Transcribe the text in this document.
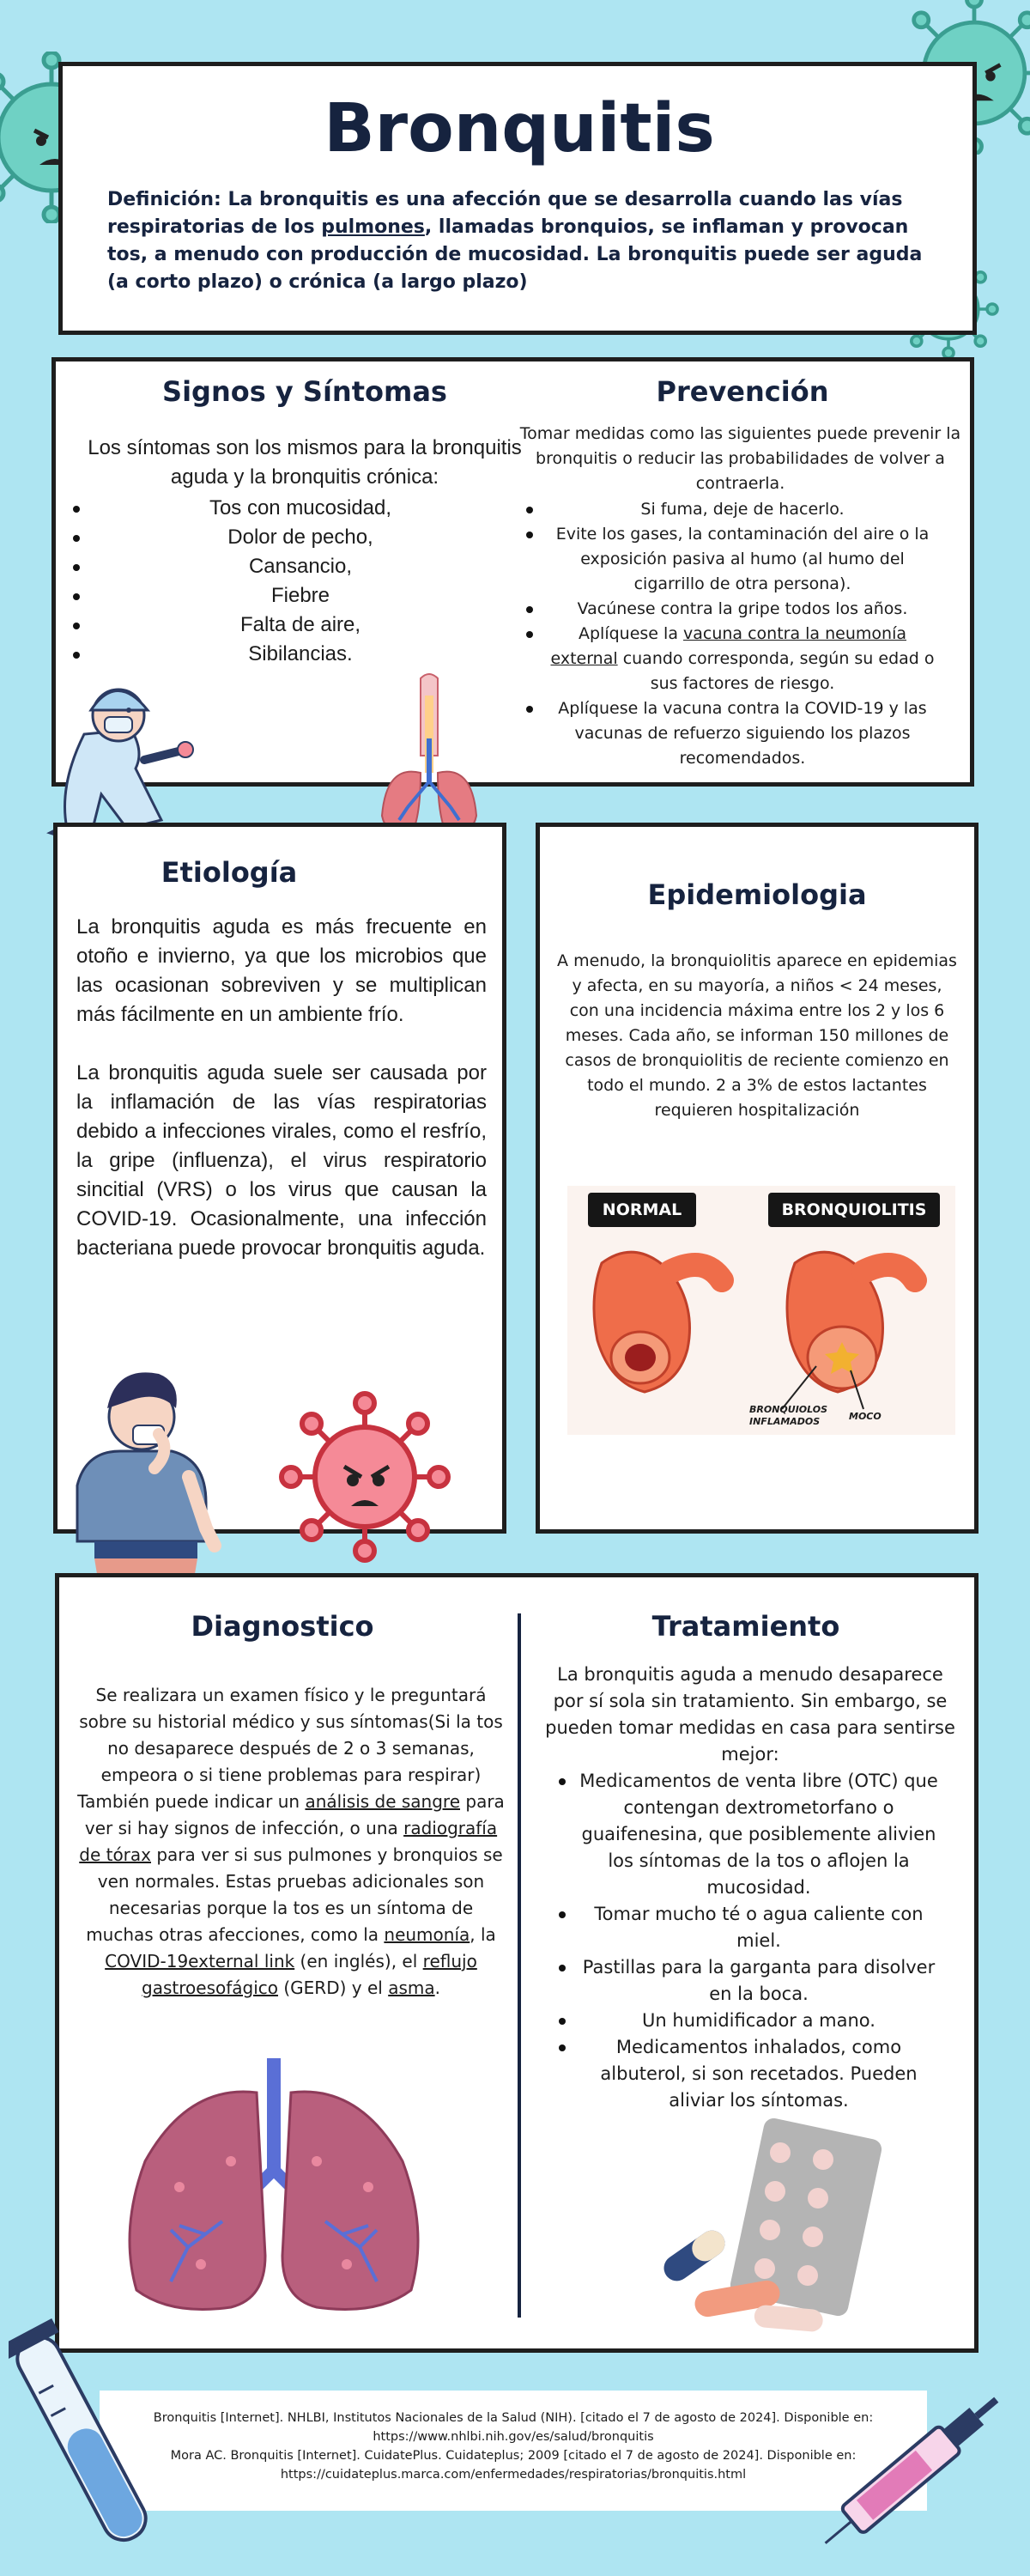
Bronquitis

Definición: La bronquitis es una afección que se desarrolla cuando las vías respiratorias de los pulmones, llamadas bronquios, se inflaman y provocan tos, a menudo con producción de mucosidad. La bronquitis puede ser aguda (a corto plazo) o crónica (a largo plazo)

Signos y Síntomas

Los síntomas son los mismos para la bronquitis aguda y la bronquitis crónica:

Tos con mucosidad,
Dolor de pecho,
Cansancio,
Fiebre
Falta de aire,
Sibilancias.
Prevención

Tomar medidas como las siguientes puede prevenir la bronquitis o reducir las probabilidades de volver a contraerla.

Si fuma, deje de hacerlo.
Evite los gases, la contaminación del aire o la exposición pasiva al humo (al humo del cigarrillo de otra persona).
Vacúnese contra la gripe todos los años.
Aplíquese la vacuna contra la neumonía external cuando corresponda, según su edad o sus factores de riesgo.
Aplíquese la vacuna contra la COVID-19 y las vacunas de refuerzo siguiendo los plazos recomendados.
Etiología

La bronquitis aguda es más frecuente en otoño e invierno, ya que los microbios que las ocasionan sobreviven y se multiplican más fácilmente en un ambiente frío.

La bronquitis aguda suele ser causada por la inflamación de las vías respiratorias debido a infecciones virales, como el resfrío, la gripe (influenza), el virus respiratorio sincitial (VRS) o los virus que causan la COVID-19. Ocasionalmente, una infección bacteriana puede provocar bronquitis aguda.

Epidemiologia

A menudo, la bronquiolitis aparece en epidemias y afecta, en su mayoría, a niños < 24 meses, con una incidencia máxima entre los 2 y los 6 meses. Cada año, se informan 150 millones de casos de bronquiolitis de reciente comienzo en todo el mundo. 2 a 3% de estos lactantes requieren hospitalización

NORMAL	BRONQUIOLITIS
BRONQUIOLOS
INFLAMADOS	MOCO
Diagnostico

Se realizara un examen físico y le preguntará sobre su historial médico y sus síntomas(Si la tos no desaparece después de 2 o 3 semanas, empeora o si tiene problemas para respirar) También puede indicar un análisis de sangre para ver si hay signos de infección, o una radiografía de tórax para ver si sus pulmones y bronquios se ven normales. Estas pruebas adicionales son necesarias porque la tos es un síntoma de muchas otras afecciones, como la neumonía, la COVID-19external link (en inglés), el reflujo gastroesofágico (GERD) y el asma.

Tratamiento

La bronquitis aguda a menudo desaparece por sí sola sin tratamiento. Sin embargo, se pueden tomar medidas en casa para sentirse mejor:

Medicamentos de venta libre (OTC) que contengan dextrometorfano o guaifenesina, que posiblemente alivien los síntomas de la tos o aflojen la mucosidad.
Tomar mucho té o agua caliente con miel.
Pastillas para la garganta para disolver en la boca.
Un humidificador a mano.
Medicamentos inhalados, como albuterol, si son recetados. Pueden aliviar los síntomas.

Bronquitis [Internet]. NHLBI, Institutos Nacionales de la Salud (NIH). [citado el 7 de agosto de 2024]. Disponible en: https://www.nhlbi.nih.gov/es/salud/bronquitis

Mora AC. Bronquitis [Internet]. CuidatePlus. Cuidateplus; 2009 [citado el 7 de agosto de 2024]. Disponible en: https://cuidateplus.marca.com/enfermedades/respiratorias/bronquitis.html
